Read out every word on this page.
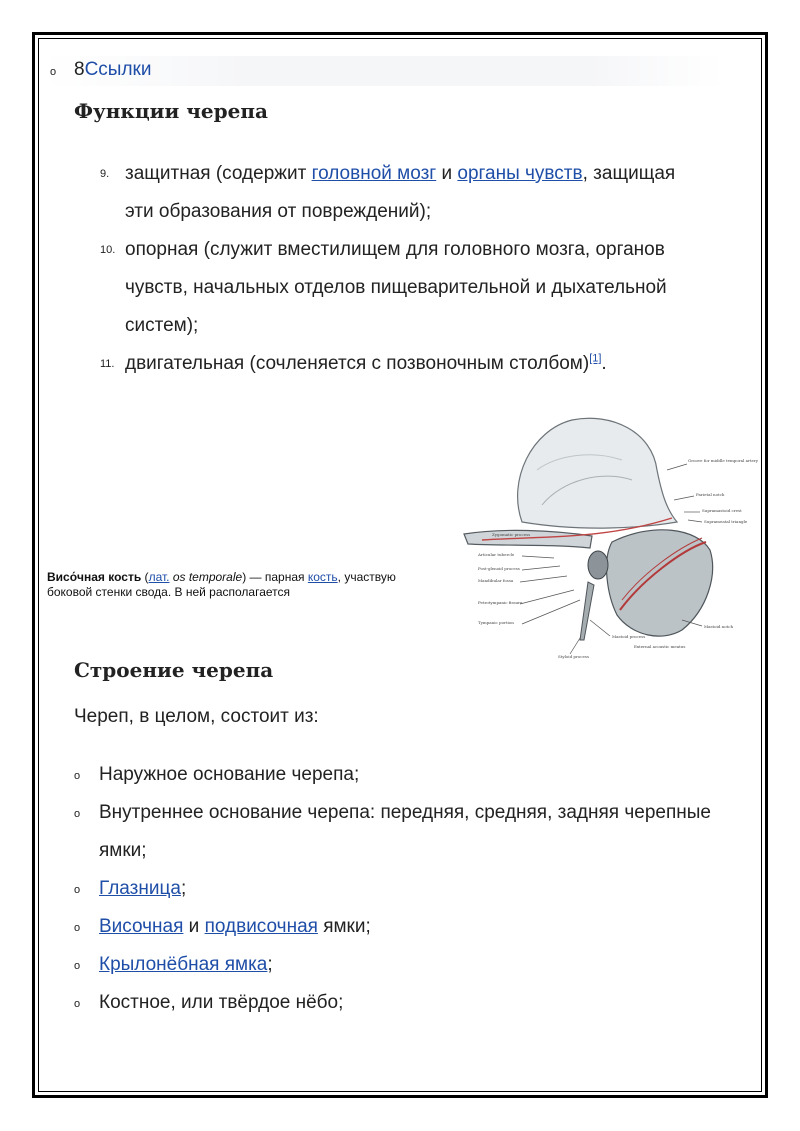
o 8Ссылки
Функции черепа
9. защитная (содержит головной мозг и органы чувств, защищая эти образования от повреждений);
10. опорная (служит вместилищем для головного мозга, органов чувств, начальных отделов пищеварительной и дыхательной систем);
11. двигательная (сочленяется с позвоночным столбом)[1].
Висо́чная кость (лат. os temporale) — парная кость, участвую
боковой стенки свода. В ней располагается
Groove for middle temporal artery
Parietal notch
Supramastoid crest
Suprameatal triangle
Zygomatic process
Articular tubercle
Post-glenoid process
Mandibular fossa
Petrotympanic fissure
Tympanic portion
Mastoid process
Styloid process
External acoustic meatus
Mastoid notch
Строение черепа
Череп, в целом, состоит из:
o Наружное основание черепа;
o Внутреннее основание черепа: передняя, средняя, задняя черепные ямки;
o Глазница;
o Височная и подвисочная ямки;
o Крылонёбная ямка;
o Костное, или твёрдое нёбо;
